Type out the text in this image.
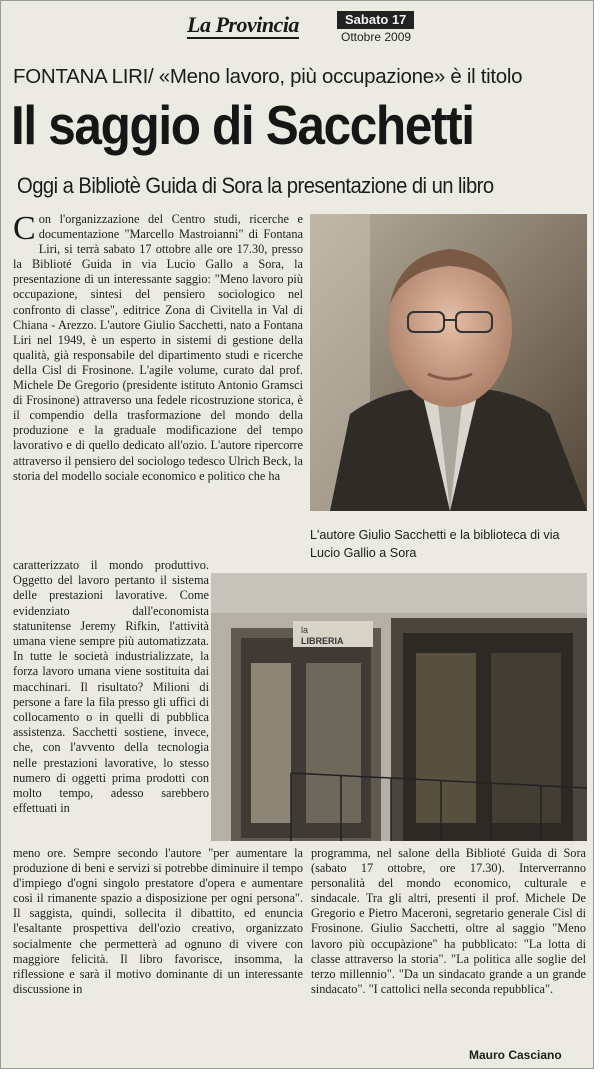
La Provincia	Sabato 17
Ottobre 2009
FONTANA LIRI/ «Meno lavoro, più occupazione» è il titolo
Il saggio di Sacchetti
Oggi a Bibliotè Guida di Sora la presentazione di un libro
Con l'organizzazione del Centro studi, ricerche e documentazione "Marcello Mastroianni" di Fontana Liri, si terrà sabato 17 ottobre alle ore 17.30, presso la Biblioté Guida in via Lucio Gallo a Sora, la presentazione di un interessante saggio: "Meno lavoro più occupazione, sintesi del pensiero sociologico nel confronto di classe", editrice Zona di Civitella in Val di Chiana - Arezzo. L'autore Giulio Sacchetti, nato a Fontana Liri nel 1949, è un esperto in sistemi di gestione della qualità, già responsabile del dipartimento studi e ricerche della Cisl di Frosinone. L'agile volume, curato dal prof. Michele De Gregorio (presidente istituto Antonio Gramsci di Frosinone) attraverso una fedele ricostruzione storica, è il compendio della trasformazione del mondo della produzione e la graduale modificazione del tempo lavorativo e di quello dedicato all'ozio. L'autore ripercorre attraverso il pensiero del sociologo tedesco Ulrich Beck, la storia del modello sociale economico e politico che ha
caratterizzato il mondo produttivo. Oggetto del lavoro pertanto il sistema delle prestazioni lavorative. Come evidenziato dall'economista statunitense Jeremy Rifkin, l'attività umana viene sempre più automatizzata. In tutte le società industrializzate, la forza lavoro umana viene sostituita dai macchinari. Il risultato? Milioni di persone a fare la fila presso gli uffici di collocamento o in quelli di pubblica assistenza. Sacchetti sostiene, invece, che, con l'avvento della tecnologia nelle prestazioni lavorative, lo stesso numero di oggetti prima prodotti con molto tempo, adesso sarebbero effettuati in
L'autore Giulio Sacchetti e la biblioteca di via Lucio Gallio a Sora
la
LIBRERIA
meno ore. Sempre secondo l'autore "per aumentare la produzione di beni e servizi si potrebbe diminuire il tempo d'impiego d'ogni singolo prestatore d'opera e aumentare così il rimanente spazio a disposizione per ogni persona". Il saggista, quindi, sollecita il dibattito, ed enuncia l'esaltante prospettiva dell'ozio creativo, organizzato socialmente che permetterà ad ognuno di vivere con maggiore felicità. Il libro favorisce, insomma, la riflessione e sarà il motivo dominante di un interessante discussione in
programma, nel salone della Biblioté Guida di Sora (sabato 17 ottobre, ore 17.30). Interverranno personalità del mondo economico, culturale e sindacale. Tra gli altri, presenti il prof. Michele De Gregorio e Pietro Maceroni, segretario generale Cisl di Frosinone. Giulio Sacchetti, oltre al saggio "Meno lavoro più occupàzione" ha pubblicato: "La lotta di classe attraverso la storia". "La politica alle soglie del terzo millennio". "Da un sindacato grande a un grande sindacato". "I cattolici nella seconda repubblica".
Mauro Casciano
